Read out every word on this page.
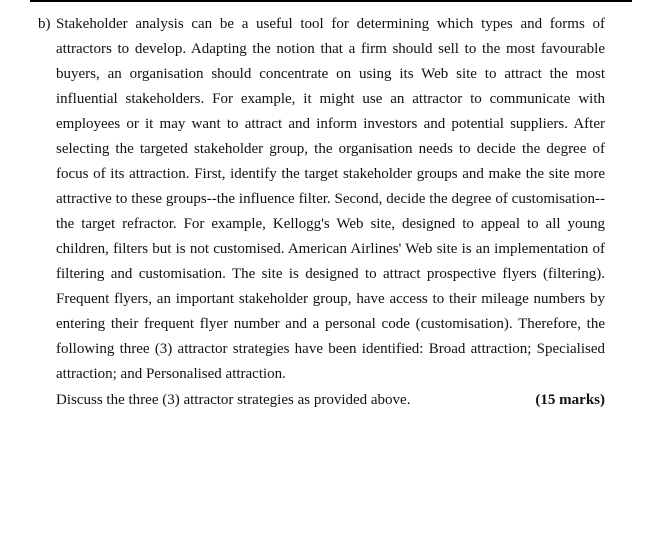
b) Stakeholder analysis can be a useful tool for determining which types and forms of attractors to develop. Adapting the notion that a firm should sell to the most favourable buyers, an organisation should concentrate on using its Web site to attract the most influential stakeholders. For example, it might use an attractor to communicate with employees or it may want to attract and inform investors and potential suppliers. After selecting the targeted stakeholder group, the organisation needs to decide the degree of focus of its attraction. First, identify the target stakeholder groups and make the site more attractive to these groups--the influence filter. Second, decide the degree of customisation--the target refractor. For example, Kellogg's Web site, designed to appeal to all young children, filters but is not customised. American Airlines' Web site is an implementation of filtering and customisation. The site is designed to attract prospective flyers (filtering). Frequent flyers, an important stakeholder group, have access to their mileage numbers by entering their frequent flyer number and a personal code (customisation). Therefore, the following three (3) attractor strategies have been identified: Broad attraction; Specialised attraction; and Personalised attraction.
Discuss the three (3) attractor strategies as provided above.	(15 marks)
